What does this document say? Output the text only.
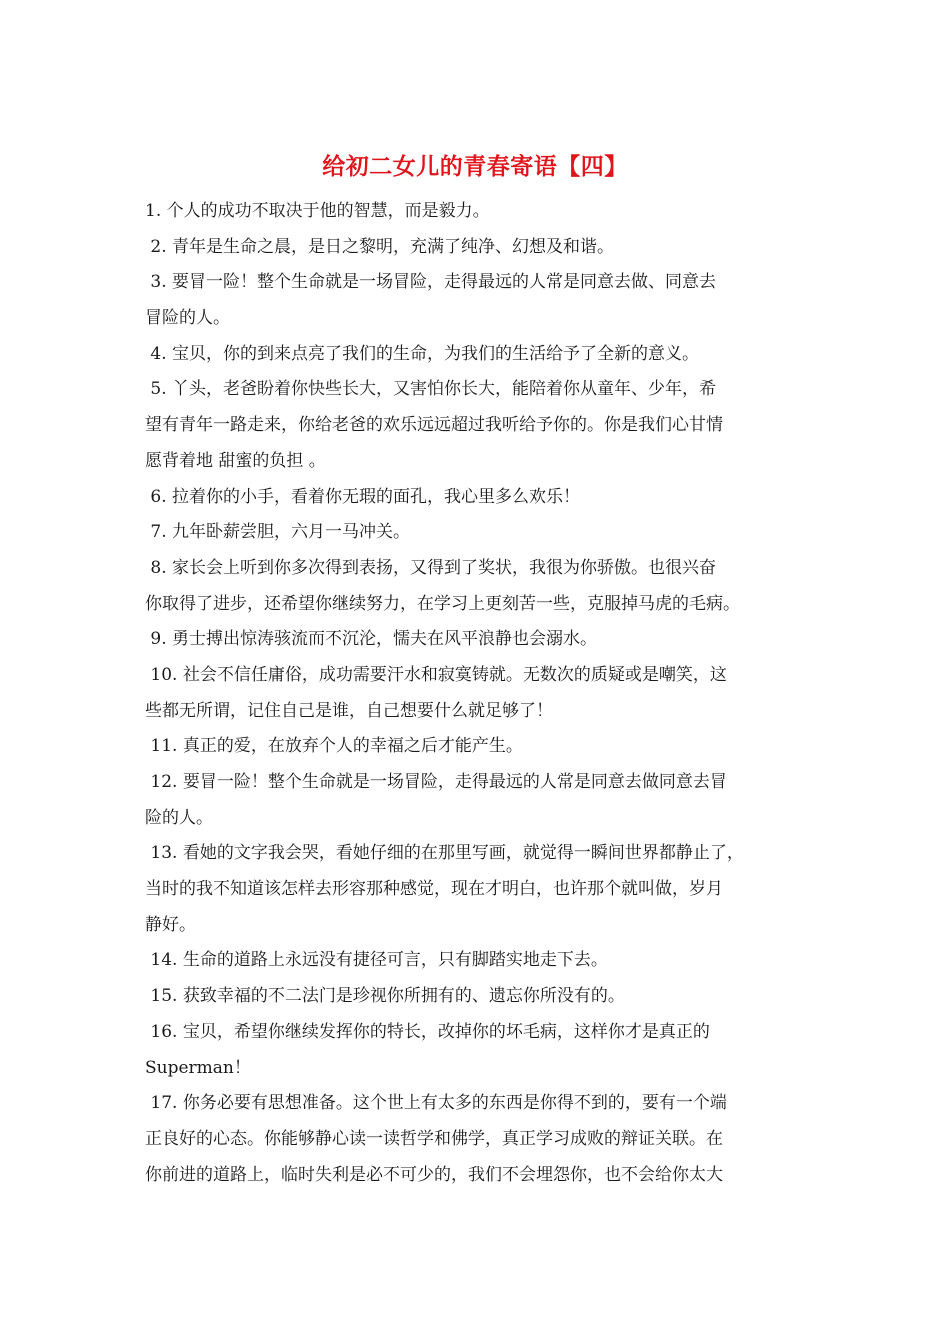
给初二女儿的青春寄语【四】
1. 个人的成功不取决于他的智慧，而是毅力。
2. 青年是生命之晨，是日之黎明，充满了纯净、幻想及和谐。
3. 要冒一险！整个生命就是一场冒险，走得最远的人常是同意去做、同意去
冒险的人。
4. 宝贝，你的到来点亮了我们的生命，为我们的生活给予了全新的意义。
5. 丫头，老爸盼着你快些长大，又害怕你长大，能陪着你从童年、少年，希
望有青年一路走来，你给老爸的欢乐远远超过我听给予你的。你是我们心甘情
愿背着地 甜蜜的负担 。
6. 拉着你的小手，看着你无瑕的面孔，我心里多么欢乐！
7. 九年卧薪尝胆，六月一马冲关。
8. 家长会上听到你多次得到表扬，又得到了奖状，我很为你骄傲。也很兴奋
你取得了进步，还希望你继续努力，在学习上更刻苦一些，克服掉马虎的毛病。
9. 勇士搏出惊涛骇流而不沉沦，懦夫在风平浪静也会溺水。
10. 社会不信任庸俗，成功需要汗水和寂寞铸就。无数次的质疑或是嘲笑，这
些都无所谓，记住自己是谁，自己想要什么就足够了！
11. 真正的爱，在放弃个人的幸福之后才能产生。
12. 要冒一险！整个生命就是一场冒险，走得最远的人常是同意去做同意去冒
险的人。
13. 看她的文字我会哭，看她仔细的在那里写画，就觉得一瞬间世界都静止了，
当时的我不知道该怎样去形容那种感觉，现在才明白，也许那个就叫做，岁月
静好。
14. 生命的道路上永远没有捷径可言，只有脚踏实地走下去。
15. 获致幸福的不二法门是珍视你所拥有的、遗忘你所没有的。
16. 宝贝，希望你继续发挥你的特长，改掉你的坏毛病，这样你才是真正的
Superman！
17. 你务必要有思想准备。这个世上有太多的东西是你得不到的，要有一个端
正良好的心态。你能够静心读一读哲学和佛学，真正学习成败的辩证关联。在
你前进的道路上，临时失利是必不可少的，我们不会埋怨你，也不会给你太大
